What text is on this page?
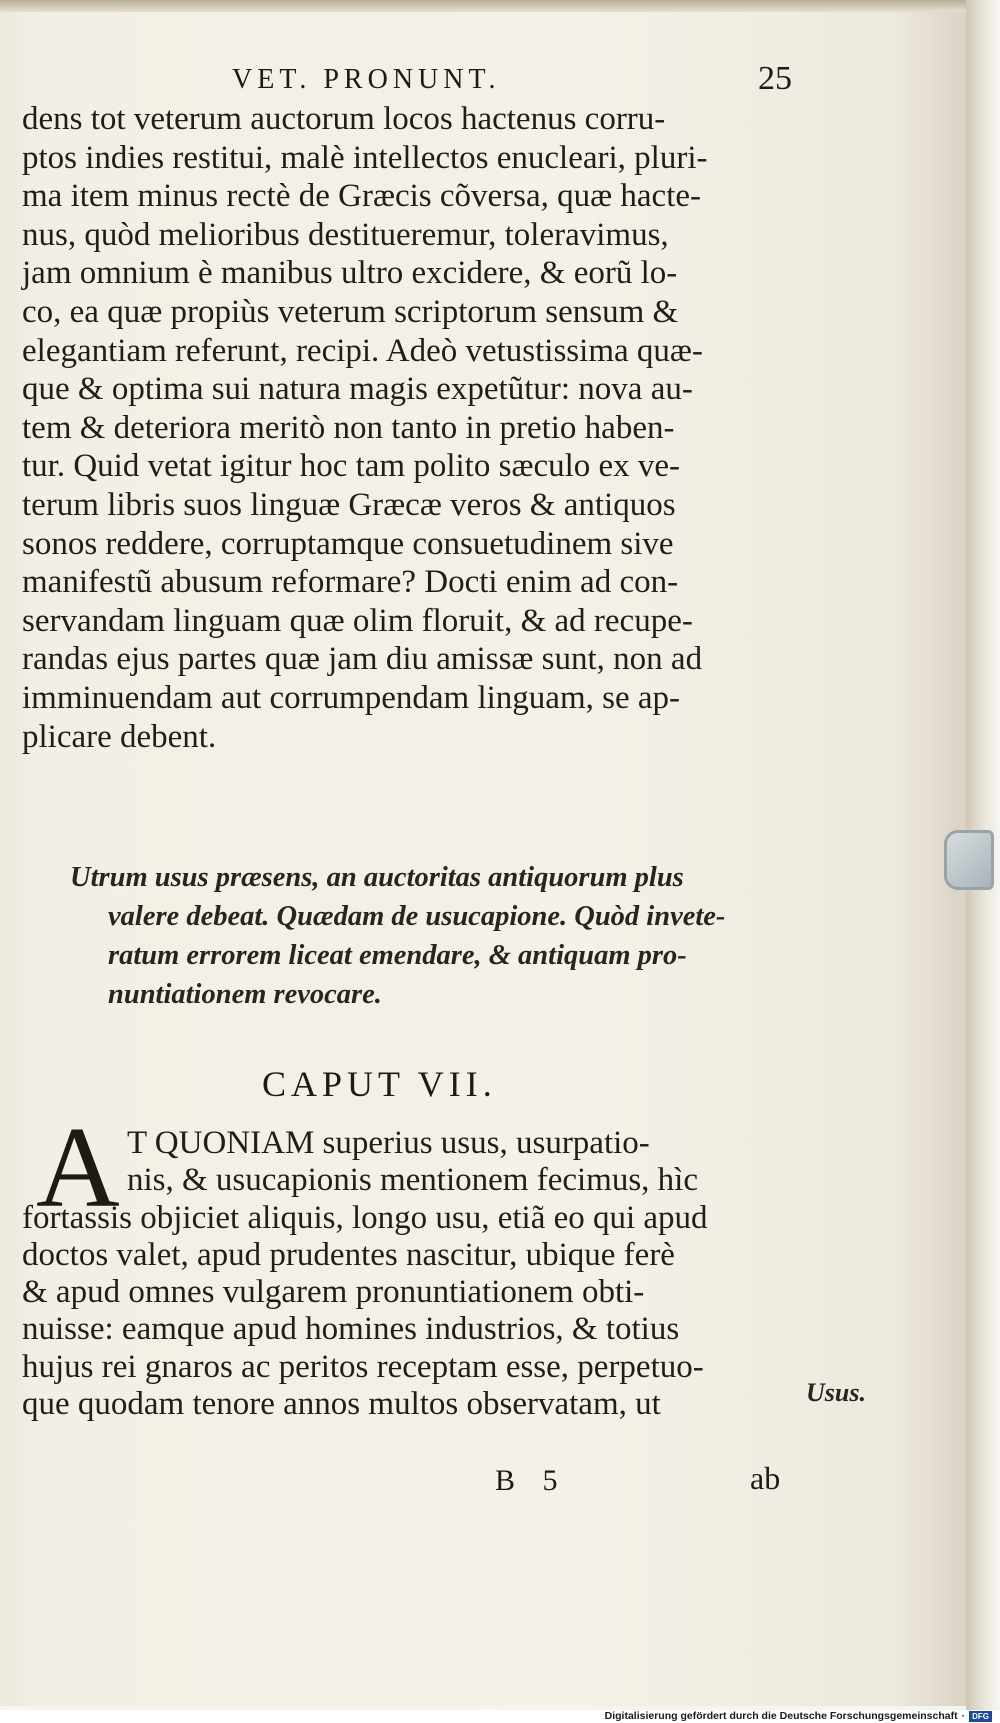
VET. PRONUNT.	25
dens tot veterum auctorum locos hactenus corru-
ptos indies restitui, malè intellectos enucleari, pluri-
ma item minus rectè de Græcis cõversa, quæ hacte-
nus, quòd melioribus destitueremur, toleravimus,
jam omnium è manibus ultro excidere, & eorũ lo-
co, ea quæ propiùs veterum scriptorum sensum &
elegantiam referunt, recipi. Adeò vetustissima quæ-
que & optima sui natura magis expetũtur: nova au-
tem & deteriora meritò non tanto in pretio haben-
tur. Quid vetat igitur hoc tam polito sæculo ex ve-
terum libris suos linguæ Græcæ veros & antiquos
sonos reddere, corruptamque consuetudinem sive
manifestũ abusum reformare? Docti enim ad con-
servandam linguam quæ olim floruit, & ad recupe-
randas ejus partes quæ jam diu amissæ sunt, non ad
imminuendam aut corrumpendam linguam, se ap-
plicare debent.
Utrum usus præsens, an auctoritas antiquorum plus
valere debeat. Quædam de usucapione. Quòd invete-
ratum errorem liceat emendare, & antiquam pro-
nuntiationem revocare.
CAPUT VII.
A T QUONIAM superius usus, usurpatio-
nis, & usucapionis mentionem fecimus, hìc
fortassis objiciet aliquis, longo usu, etiã eo qui apud
doctos valet, apud prudentes nascitur, ubique ferè
& apud omnes vulgarem pronuntiationem obti-
nuisse: eamque apud homines industrios, & totius
hujus rei gnaros ac peritos receptam esse, perpetuo-
que quodam tenore annos multos observatam, ut	Usus.
B 5	ab
Digitalisierung gefördert durch die Deutsche Forschungsgemeinschaft · DFG
